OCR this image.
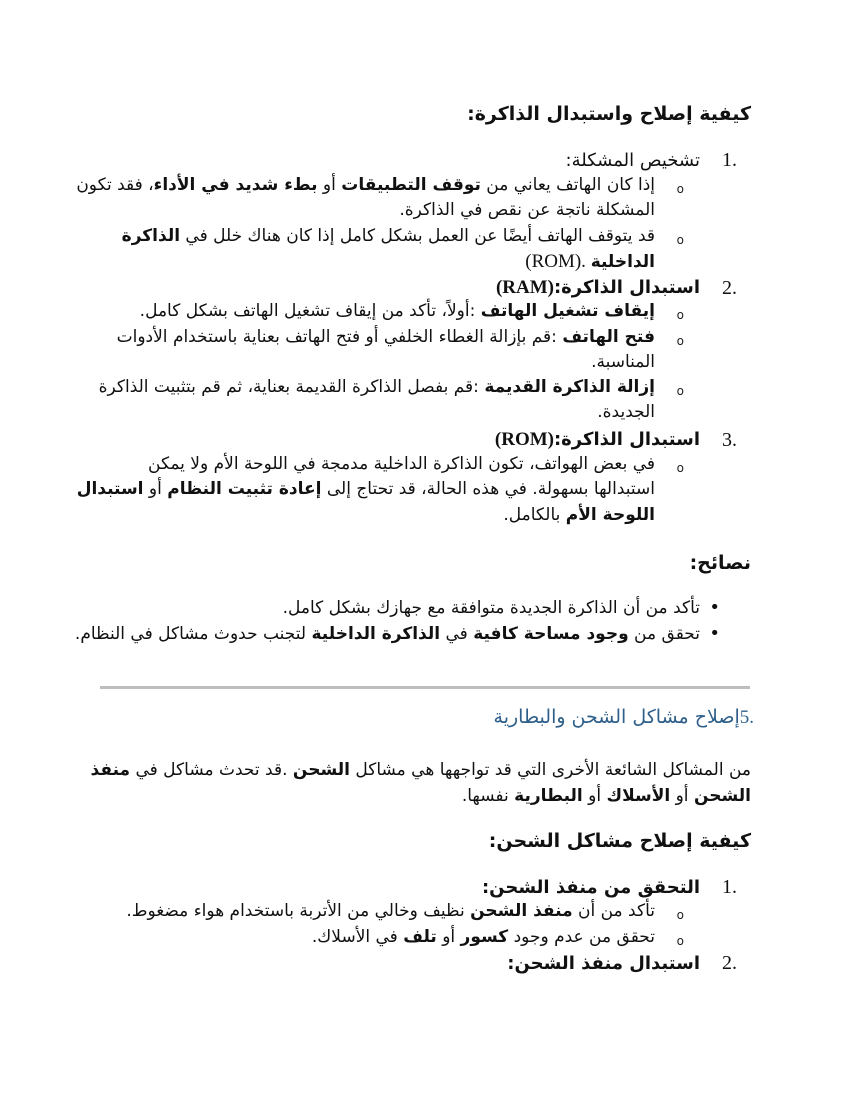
كيفية إصلاح واستبدال الذاكرة:
1.
تشخيص المشكلة:
o
إذا كان الهاتف يعاني من توقف التطبيقات أو بطء شديد في الأداء، فقد تكون
المشكلة ناتجة عن نقص في الذاكرة.
o
قد يتوقف الهاتف أيضًا عن العمل بشكل كامل إذا كان هناك خلل في الذاكرة
الداخلية .(ROM)
2.
استبدال الذاكرة:(RAM)
o
إيقاف تشغيل الهاتف :أولاً، تأكد من إيقاف تشغيل الهاتف بشكل كامل.
o
فتح الهاتف :قم بإزالة الغطاء الخلفي أو فتح الهاتف بعناية باستخدام الأدوات
المناسبة.
o
إزالة الذاكرة القديمة :قم بفصل الذاكرة القديمة بعناية، ثم قم بتثبيت الذاكرة
الجديدة.
3.
استبدال الذاكرة:(ROM)
o
في بعض الهواتف، تكون الذاكرة الداخلية مدمجة في اللوحة الأم ولا يمكن
استبدالها بسهولة. في هذه الحالة، قد تحتاج إلى إعادة تثبيت النظام أو استبدال
اللوحة الأم بالكامل.
نصائح:
•
تأكد من أن الذاكرة الجديدة متوافقة مع جهازك بشكل كامل.
•
تحقق من وجود مساحة كافية في الذاكرة الداخلية لتجنب حدوث مشاكل في النظام.
5.إصلاح مشاكل الشحن والبطارية
من المشاكل الشائعة الأخرى التي قد تواجهها هي مشاكل الشحن .قد تحدث مشاكل في منفذ
الشحن أو الأسلاك أو البطارية نفسها.
كيفية إصلاح مشاكل الشحن:
1.
التحقق من منفذ الشحن:
o
تأكد من أن منفذ الشحن نظيف وخالي من الأتربة باستخدام هواء مضغوط.
o
تحقق من عدم وجود كسور أو تلف في الأسلاك.
2.
استبدال منفذ الشحن:
